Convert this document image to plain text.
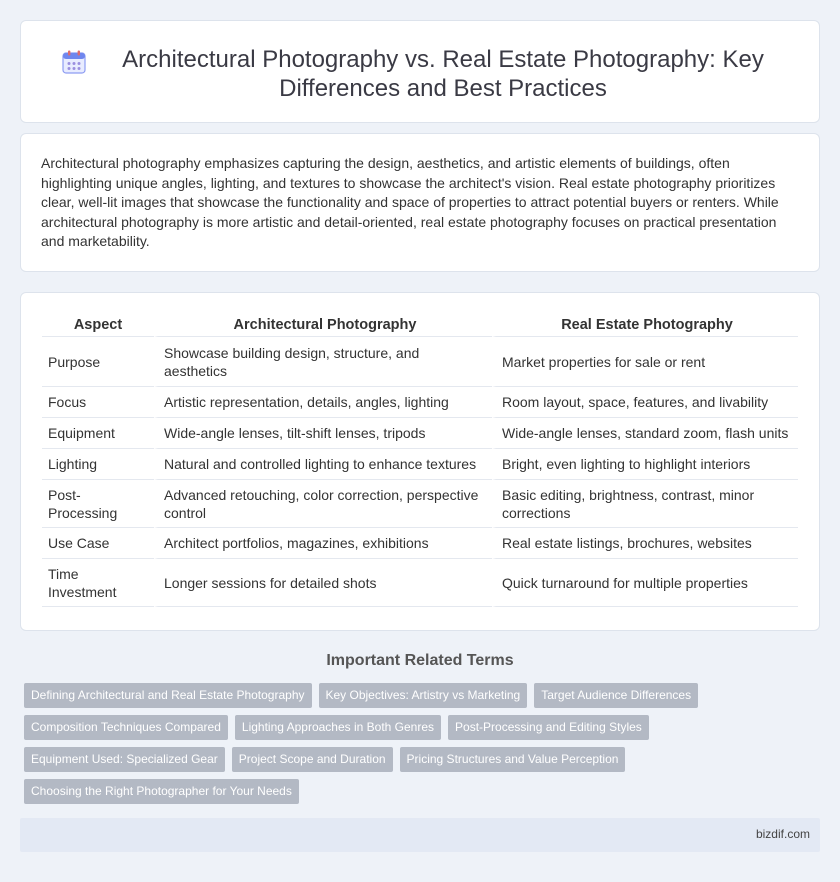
Architectural Photography vs. Real Estate Photography: Key Differences and Best Practices

Architectural photography emphasizes capturing the design, aesthetics, and artistic elements of buildings, often highlighting unique angles, lighting, and textures to showcase the architect's vision. Real estate photography prioritizes clear, well-lit images that showcase the functionality and space of properties to attract potential buyers or renters. While architectural photography is more artistic and detail-oriented, real estate photography focuses on practical presentation and marketability.

Aspect	Architectural Photography	Real Estate Photography
Purpose	Showcase building design, structure, and aesthetics	Market properties for sale or rent
Focus	Artistic representation, details, angles, lighting	Room layout, space, features, and livability
Equipment	Wide-angle lenses, tilt-shift lenses, tripods	Wide-angle lenses, standard zoom, flash units
Lighting	Natural and controlled lighting to enhance textures	Bright, even lighting to highlight interiors
Post-Processing	Advanced retouching, color correction, perspective control	Basic editing, brightness, contrast, minor corrections
Use Case	Architect portfolios, magazines, exhibitions	Real estate listings, brochures, websites
Time Investment	Longer sessions for detailed shots	Quick turnaround for multiple properties
Important Related Terms
Defining Architectural and Real Estate Photography	Key Objectives: Artistry vs Marketing	Target Audience Differences
Composition Techniques Compared	Lighting Approaches in Both Genres	Post-Processing and Editing Styles
Equipment Used: Specialized Gear	Project Scope and Duration	Pricing Structures and Value Perception
Choosing the Right Photographer for Your Needs
bizdif.com
